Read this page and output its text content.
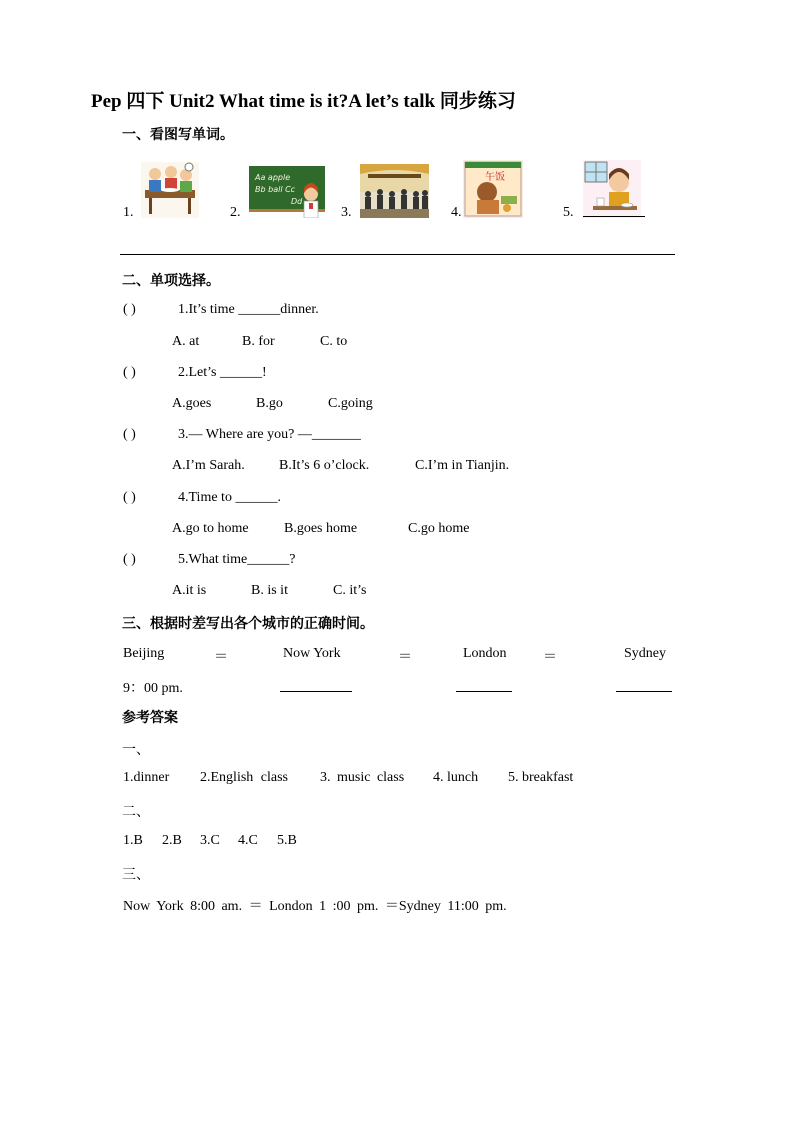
Pep 四下 Unit2 What time is it?A let’s talk 同步练习
一、看图写单词。
Aa apple
Bb ball Cc
Dd
午饭
1.	2.	3.	4.	5.
二、单项选择。
( )	1.It’s time ______dinner.
A. at	B. for	C. to
( )	2.Let’s ______!
A.goes	B.go	C.going
( )	3.— Where are you? —_______
A.I’m Sarah. B.It’s 6 o’clock.	C.I’m in Tianjin.
( )	4.Time to ______.
A.go to home	B.goes home	C.go home
( )	5.What time______?
A.it is	B. is it	C. it’s
三、根据时差写出各个城市的正确时间。
Beijing	＝	Now York	＝	London	＝	Sydney
9：00 pm.
参考答案
一、
1.dinner 2.English class 3. music class 4. lunch 5. breakfast
二、
1.B 2.B 3.C 4.C 5.B
三、
Now York 8:00 am. ＝ London 1 :00 pm. ＝Sydney 11:00 pm.
